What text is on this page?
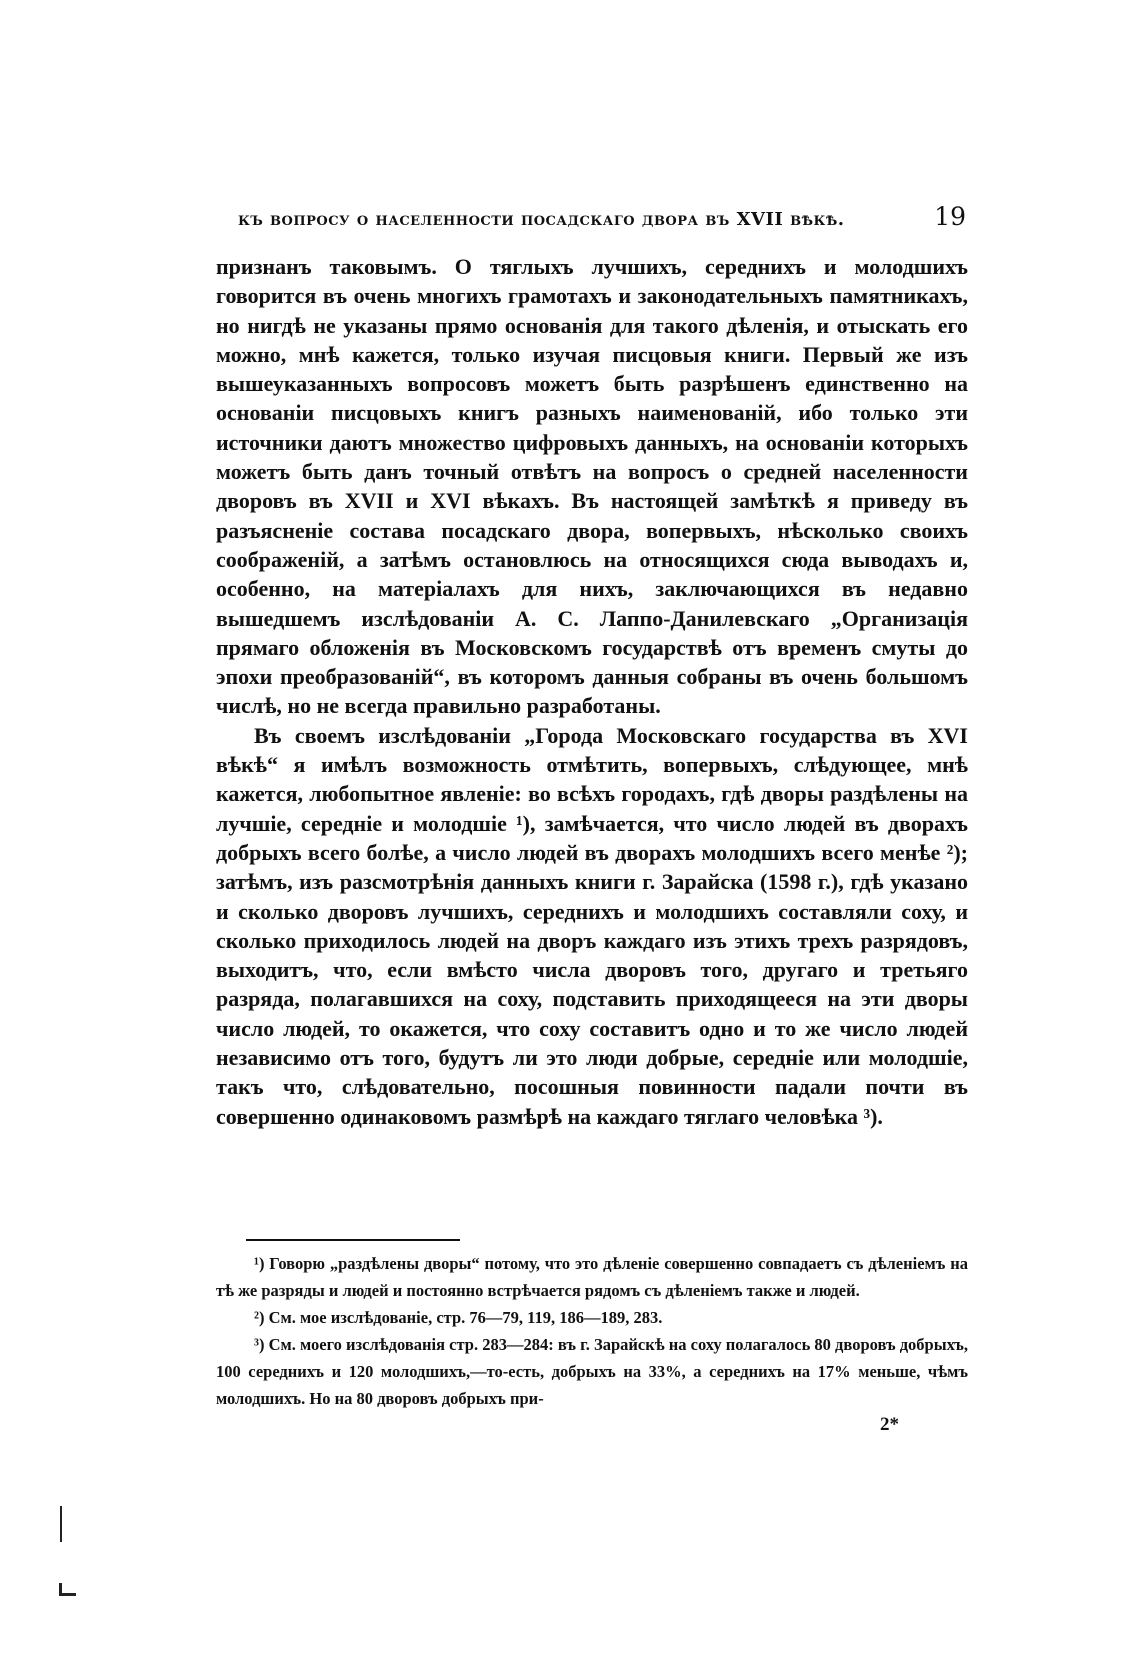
къ вопросу о населенности посадскаго двора въ XVII вѣкѣ.	19

признанъ таковымъ. О тяглыхъ лучшихъ, середнихъ и молодшихъ говорится въ очень многихъ грамотахъ и законодательныхъ памятникахъ, но нигдѣ не указаны прямо основанія для такого дѣленія, и отыскать его можно, мнѣ кажется, только изучая писцовыя книги. Первый же изъ вышеуказанныхъ вопросовъ можетъ быть разрѣшенъ единственно на основаніи писцовыхъ книгъ разныхъ наименованій, ибо только эти источники даютъ множество цифровыхъ данныхъ, на основаніи которыхъ можетъ быть данъ точный отвѣтъ на вопросъ о средней населенности дворовъ въ XVII и XVI вѣкахъ. Въ настоящей замѣткѣ я приведу въ разъясненіе состава посадскаго двора, вопервыхъ, нѣсколько своихъ соображеній, а затѣмъ остановлюсь на относящихся сюда выводахъ и, особенно, на матеріалахъ для нихъ, заключающихся въ недавно вышедшемъ изслѣдованіи А. С. Лаппо-Данилевскаго „Организація прямаго обложенія въ Московскомъ государствѣ отъ временъ смуты до эпохи преобразованій“, въ которомъ данныя собраны въ очень большомъ числѣ, но не всегда правильно разработаны.

Въ своемъ изслѣдованіи „Города Московскаго государства въ XVI вѣкѣ“ я имѣлъ возможность отмѣтить, вопервыхъ, слѣдующее, мнѣ кажется, любопытное явленіе: во всѣхъ городахъ, гдѣ дворы раздѣлены на лучшіе, середніе и молодшіе ¹), замѣчается, что число людей въ дворахъ добрыхъ всего болѣе, а число людей въ дворахъ молодшихъ всего менѣе ²); затѣмъ, изъ разсмотрѣнія данныхъ книги г. Зарайска (1598 г.), гдѣ указано и сколько дворовъ лучшихъ, середнихъ и молодшихъ составляли соху, и сколько приходилось людей на дворъ каждаго изъ этихъ трехъ разрядовъ, выходитъ, что, если вмѣсто числа дворовъ того, другаго и третьяго разряда, полагавшихся на соху, подставить приходящееся на эти дворы число людей, то окажется, что соху составитъ одно и то же число людей независимо отъ того, будутъ ли это люди добрые, середніе или молодшіе, такъ что, слѣдовательно, посошныя повинности падали почти въ совершенно одинаковомъ размѣрѣ на каждаго тяглаго человѣка ³).

¹) Говорю „раздѣлены дворы“ потому, что это дѣленіе совершенно совпадаетъ съ дѣленіемъ на тѣ же разряды и людей и постоянно встрѣчается рядомъ съ дѣленіемъ также и людей.

²) См. мое изслѣдованіе, стр. 76—79, 119, 186—189, 283.

³) См. моего изслѣдованія стр. 283—284: въ г. Зарайскѣ на соху полагалось 80 дворовъ добрыхъ, 100 середнихъ и 120 молодшихъ,—то-есть, добрыхъ на 33%, а середнихъ на 17% меньше, чѣмъ молодшихъ. Но на 80 дворовъ добрыхъ при-

2*
